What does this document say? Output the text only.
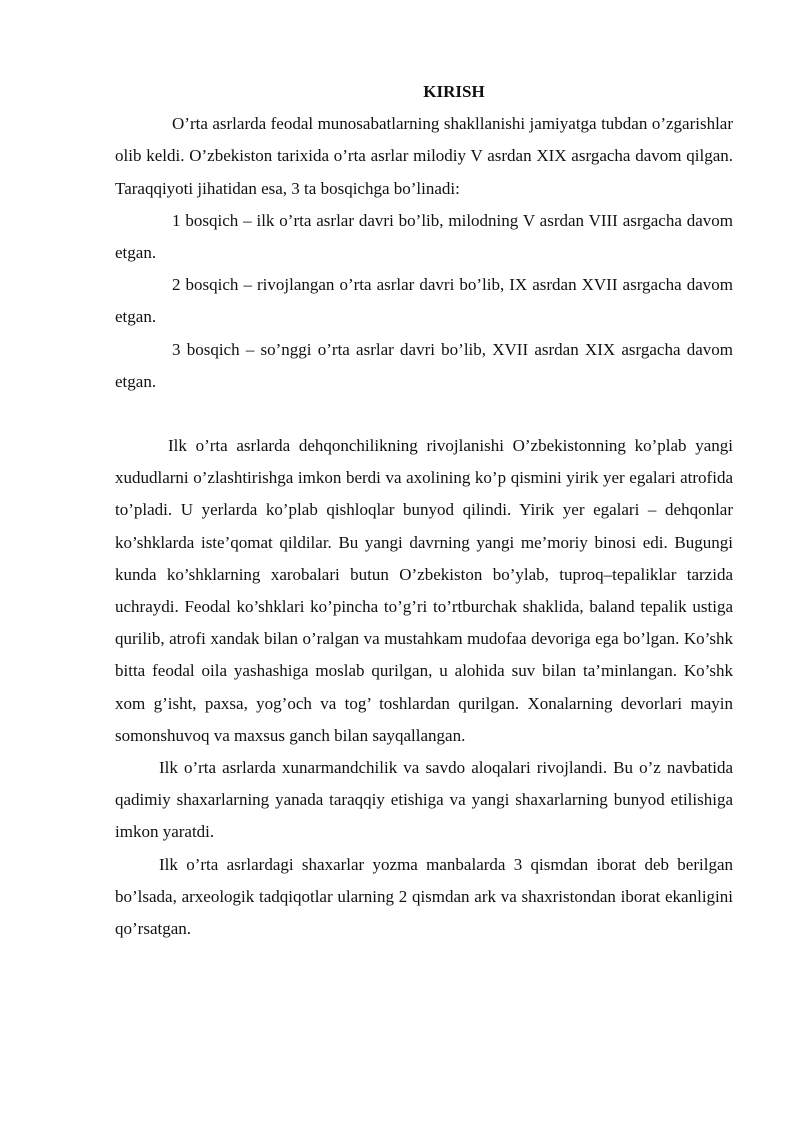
KIRISH

O’rta asrlarda feodal munosabatlarning shakllanishi jamiyatga tubdan o’zgarishlar olib keldi. O’zbekiston tarixida o’rta asrlar milodiy V asrdan XIX asrgacha davom qilgan. Taraqqiyoti jihatidan esa, 3 ta bosqichga bo’linadi:

1 bosqich – ilk o’rta asrlar davri bo’lib, milodning V asrdan VIII asrgacha davom etgan.

2 bosqich – rivojlangan o’rta asrlar davri bo’lib, IX asrdan XVII asrgacha davom etgan.

3 bosqich – so’nggi o’rta asrlar davri bo’lib, XVII asrdan XIX asrgacha davom etgan.

Ilk o’rta asrlarda dehqonchilikning rivojlanishi O’zbekistonning ko’plab yangi xududlarni o’zlashtirishga imkon berdi va axolining ko’p qismini yirik yer egalari atrofida to’pladi. U yerlarda ko’plab qishloqlar bunyod qilindi. Yirik yer egalari – dehqonlar ko’shklarda iste’qomat qildilar. Bu yangi davrning yangi me’moriy binosi edi. Bugungi kunda ko’shklarning xarobalari butun O’zbekiston bo’ylab, tuproq–tepaliklar tarzida uchraydi. Feodal ko’shklari ko’pincha to’g’ri to’rtburchak shaklida, baland tepalik ustiga qurilib, atrofi xandak bilan o’ralgan va mustahkam mudofaa devoriga ega bo’lgan. Ko’shk bitta feodal oila yashashiga moslab qurilgan, u alohida suv bilan ta’minlangan. Ko’shk xom g’isht, paxsa, yog’och va tog’ toshlardan qurilgan. Xonalarning devorlari mayin somonshuvoq va maxsus ganch bilan sayqallangan.

Ilk o’rta asrlarda xunarmandchilik va savdo aloqalari rivojlandi. Bu o’z navbatida qadimiy shaxarlarning yanada taraqqiy etishiga va yangi shaxarlarning bunyod etilishiga imkon yaratdi.

Ilk o’rta asrlardagi shaxarlar yozma manbalarda 3 qismdan iborat deb berilgan bo’lsada, arxeologik tadqiqotlar ularning 2 qismdan ark va shaxristondan iborat ekanligini qo’rsatgan.
